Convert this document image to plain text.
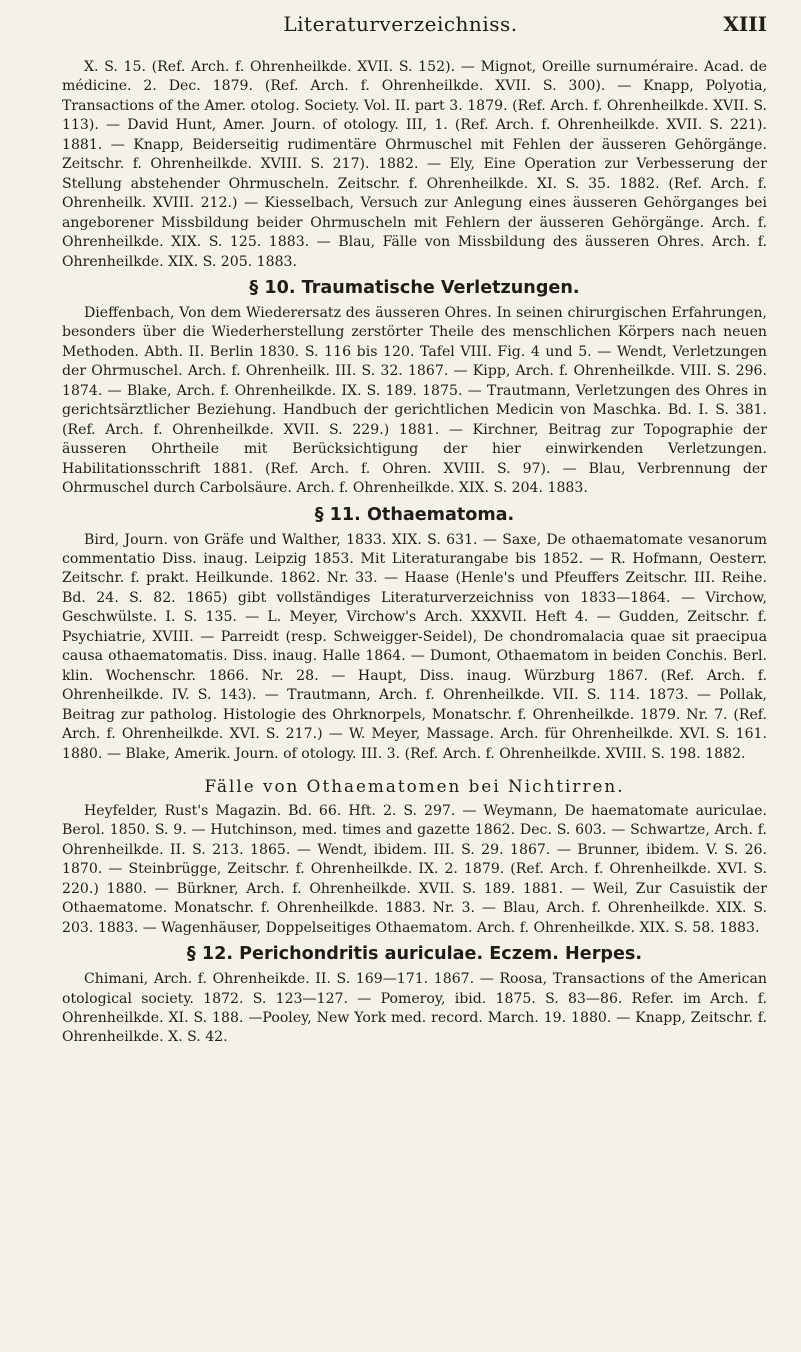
Literaturverzeichniss.	XIII

X. S. 15. (Ref. Arch. f. Ohrenheilkde. XVII. S. 152). — Mignot, Oreille surnuméraire. Acad. de médicine. 2. Dec. 1879. (Ref. Arch. f. Ohrenheilkde. XVII. S. 300). — Knapp, Polyotia, Transactions of the Amer. otolog. Society. Vol. II. part 3. 1879. (Ref. Arch. f. Ohrenheilkde. XVII. S. 113). — David Hunt, Amer. Journ. of otology. III, 1. (Ref. Arch. f. Ohrenheilkde. XVII. S. 221). 1881. — Knapp, Beiderseitig rudimentäre Ohrmuschel mit Fehlen der äusseren Gehörgänge. Zeitschr. f. Ohrenheilkde. XVIII. S. 217). 1882. — Ely, Eine Operation zur Verbesserung der Stellung abstehender Ohrmuscheln. Zeitschr. f. Ohrenheilkde. XI. S. 35. 1882. (Ref. Arch. f. Ohrenheilk. XVIII. 212.) — Kiesselbach, Versuch zur Anlegung eines äusseren Gehörganges bei angeborener Missbildung beider Ohrmuscheln mit Fehlern der äusseren Gehörgänge. Arch. f. Ohrenheilkde. XIX. S. 125. 1883. — Blau, Fälle von Missbildung des äusseren Ohres. Arch. f. Ohrenheilkde. XIX. S. 205. 1883.

§ 10. Traumatische Verletzungen.

Dieffenbach, Von dem Wiederersatz des äusseren Ohres. In seinen chirurgischen Erfahrungen, besonders über die Wiederherstellung zerstörter Theile des menschlichen Körpers nach neuen Methoden. Abth. II. Berlin 1830. S. 116 bis 120. Tafel VIII. Fig. 4 und 5. — Wendt, Verletzungen der Ohrmuschel. Arch. f. Ohrenheilk. III. S. 32. 1867. — Kipp, Arch. f. Ohrenheilkde. VIII. S. 296. 1874. — Blake, Arch. f. Ohrenheilkde. IX. S. 189. 1875. — Trautmann, Verletzungen des Ohres in gerichtsärztlicher Beziehung. Handbuch der gerichtlichen Medicin von Maschka. Bd. I. S. 381. (Ref. Arch. f. Ohrenheilkde. XVII. S. 229.) 1881. — Kirchner, Beitrag zur Topographie der äusseren Ohrtheile mit Berücksichtigung der hier einwirkenden Verletzungen. Habilitationsschrift 1881. (Ref. Arch. f. Ohren. XVIII. S. 97). — Blau, Verbrennung der Ohrmuschel durch Carbolsäure. Arch. f. Ohrenheilkde. XIX. S. 204. 1883.

§ 11. Othaematoma.

Bird, Journ. von Gräfe und Walther, 1833. XIX. S. 631. — Saxe, De othaematomate vesanorum commentatio Diss. inaug. Leipzig 1853. Mit Literaturangabe bis 1852. — R. Hofmann, Oesterr. Zeitschr. f. prakt. Heilkunde. 1862. Nr. 33. — Haase (Henle's und Pfeuffers Zeitschr. III. Reihe. Bd. 24. S. 82. 1865) gibt vollständiges Literaturverzeichniss von 1833—1864. — Virchow, Geschwülste. I. S. 135. — L. Meyer, Virchow's Arch. XXXVII. Heft 4. — Gudden, Zeitschr. f. Psychiatrie, XVIII. — Parreidt (resp. Schweigger-Seidel), De chondromalacia quae sit praecipua causa othaematomatis. Diss. inaug. Halle 1864. — Dumont, Othaematom in beiden Conchis. Berl. klin. Wochenschr. 1866. Nr. 28. — Haupt, Diss. inaug. Würzburg 1867. (Ref. Arch. f. Ohrenheilkde. IV. S. 143). — Trautmann, Arch. f. Ohrenheilkde. VII. S. 114. 1873. — Pollak, Beitrag zur patholog. Histologie des Ohrknorpels, Monatschr. f. Ohrenheilkde. 1879. Nr. 7. (Ref. Arch. f. Ohrenheilkde. XVI. S. 217.) — W. Meyer, Massage. Arch. für Ohrenheilkde. XVI. S. 161. 1880. — Blake, Amerik. Journ. of otology. III. 3. (Ref. Arch. f. Ohrenheilkde. XVIII. S. 198. 1882.

Fälle von Othaematomen bei Nichtirren.

Heyfelder, Rust's Magazin. Bd. 66. Hft. 2. S. 297. — Weymann, De haematomate auriculae. Berol. 1850. S. 9. — Hutchinson, med. times and gazette 1862. Dec. S. 603. — Schwartze, Arch. f. Ohrenheilkde. II. S. 213. 1865. — Wendt, ibidem. III. S. 29. 1867. — Brunner, ibidem. V. S. 26. 1870. — Steinbrügge, Zeitschr. f. Ohrenheilkde. IX. 2. 1879. (Ref. Arch. f. Ohrenheilkde. XVI. S. 220.) 1880. — Bürkner, Arch. f. Ohrenheilkde. XVII. S. 189. 1881. — Weil, Zur Casuistik der Othaematome. Monatschr. f. Ohrenheilkde. 1883. Nr. 3. — Blau, Arch. f. Ohrenheilkde. XIX. S. 203. 1883. — Wagenhäuser, Doppelseitiges Othaematom. Arch. f. Ohrenheilkde. XIX. S. 58. 1883.

§ 12. Perichondritis auriculae. Eczem. Herpes.

Chimani, Arch. f. Ohrenheikde. II. S. 169—171. 1867. — Roosa, Transactions of the American otological society. 1872. S. 123—127. — Pomeroy, ibid. 1875. S. 83—86. Refer. im Arch. f. Ohrenheilkde. XI. S. 188. —Pooley, New York med. record. March. 19. 1880. — Knapp, Zeitschr. f. Ohrenheilkde. X. S. 42.
